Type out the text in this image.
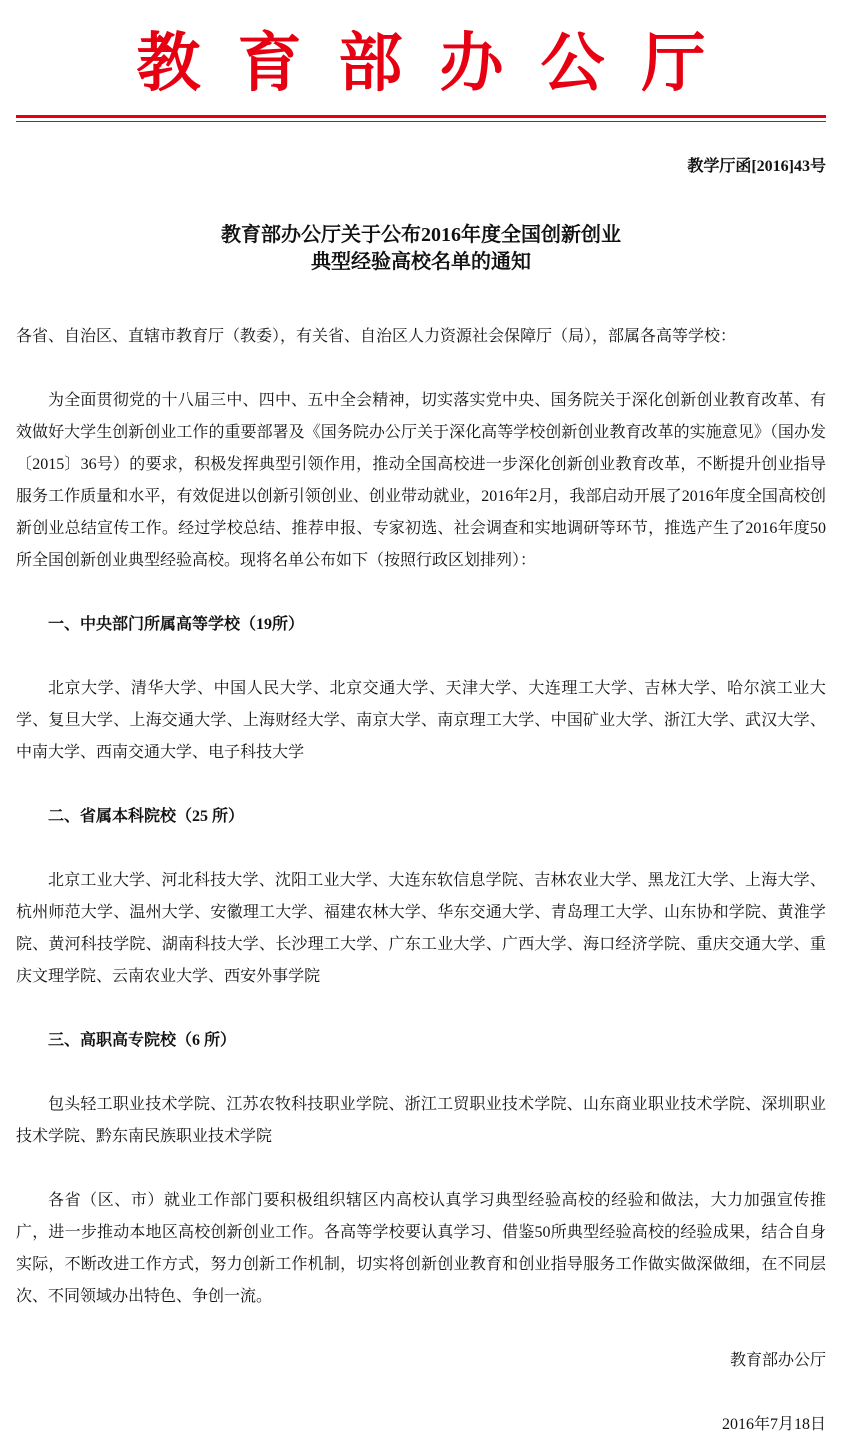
教育部办公厅
教学厅函[2016]43号
教育部办公厅关于公布2016年度全国创新创业
典型经验高校名单的通知

各省、自治区、直辖市教育厅（教委），有关省、自治区人力资源社会保障厅（局），部属各高等学校：

为全面贯彻党的十八届三中、四中、五中全会精神，切实落实党中央、国务院关于深化创新创业教育改革、有效做好大学生创新创业工作的重要部署及《国务院办公厅关于深化高等学校创新创业教育改革的实施意见》（国办发〔2015〕36号）的要求，积极发挥典型引领作用，推动全国高校进一步深化创新创业教育改革，不断提升创业指导服务工作质量和水平，有效促进以创新引领创业、创业带动就业，2016年2月，我部启动开展了2016年度全国高校创新创业总结宣传工作。经过学校总结、推荐申报、专家初选、社会调查和实地调研等环节，推选产生了2016年度50所全国创新创业典型经验高校。现将名单公布如下（按照行政区划排列）：

一、中央部门所属高等学校（19所）

北京大学、清华大学、中国人民大学、北京交通大学、天津大学、大连理工大学、吉林大学、哈尔滨工业大学、复旦大学、上海交通大学、上海财经大学、南京大学、南京理工大学、中国矿业大学、浙江大学、武汉大学、中南大学、西南交通大学、电子科技大学

二、省属本科院校（25 所）

北京工业大学、河北科技大学、沈阳工业大学、大连东软信息学院、吉林农业大学、黑龙江大学、上海大学、杭州师范大学、温州大学、安徽理工大学、福建农林大学、华东交通大学、青岛理工大学、山东协和学院、黄淮学院、黄河科技学院、湖南科技大学、长沙理工大学、广东工业大学、广西大学、海口经济学院、重庆交通大学、重庆文理学院、云南农业大学、西安外事学院

三、高职高专院校（6 所）

包头轻工职业技术学院、江苏农牧科技职业学院、浙江工贸职业技术学院、山东商业职业技术学院、深圳职业技术学院、黔东南民族职业技术学院

各省（区、市）就业工作部门要积极组织辖区内高校认真学习典型经验高校的经验和做法，大力加强宣传推广，进一步推动本地区高校创新创业工作。各高等学校要认真学习、借鉴50所典型经验高校的经验成果，结合自身实际，不断改进工作方式，努力创新工作机制，切实将创新创业教育和创业指导服务工作做实做深做细，在不同层次、不同领域办出特色、争创一流。

教育部办公厅

2016年7月18日
